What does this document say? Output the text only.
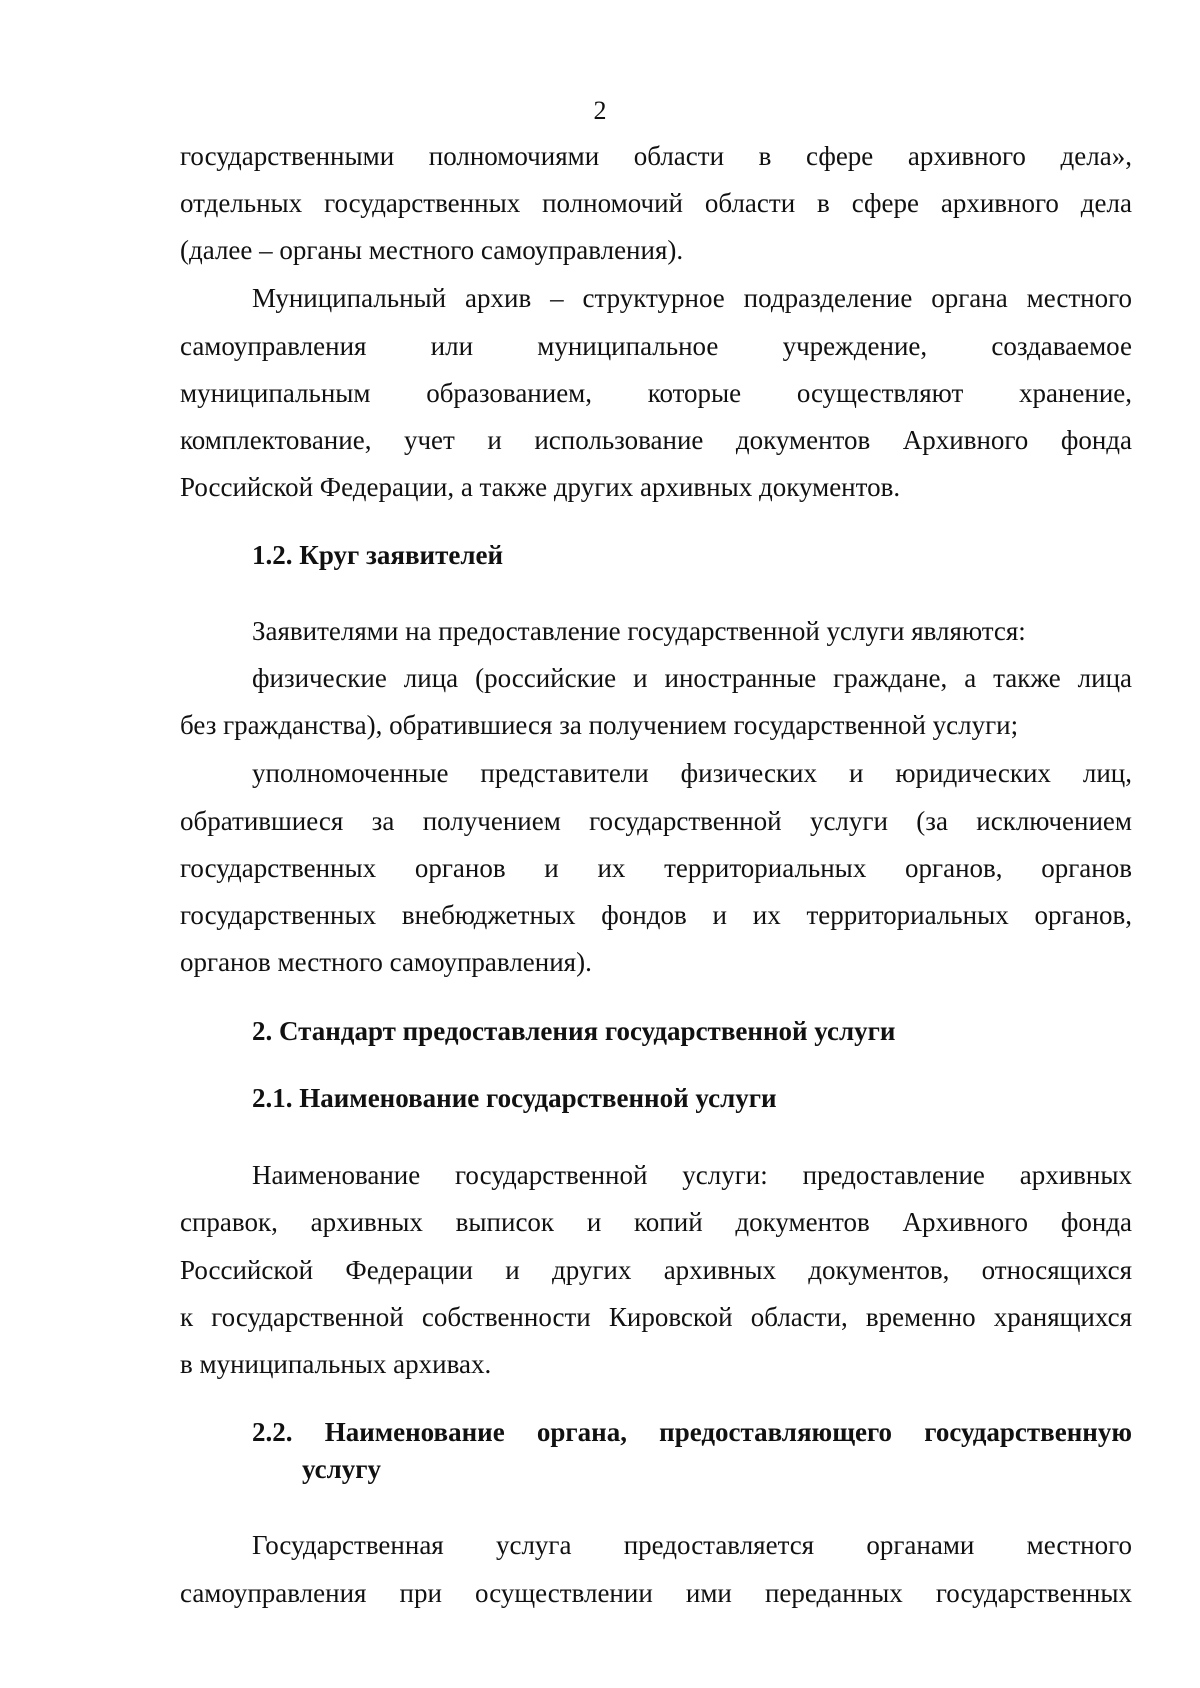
2
государственными полномочиями области в сфере архивного дела»,
отдельных государственных полномочий области в сфере архивного дела
(далее – органы местного самоуправления).
Муниципальный архив – структурное подразделение органа местного
самоуправления или муниципальное учреждение, создаваемое
муниципальным образованием, которые осуществляют хранение,
комплектование, учет и использование документов Архивного фонда
Российской Федерации, а также других архивных документов.
1.2. Круг заявителей
Заявителями на предоставление государственной услуги являются:
физические лица (российские и иностранные граждане, а также лица
без гражданства), обратившиеся за получением государственной услуги;
уполномоченные представители физических и юридических лиц,
обратившиеся за получением государственной услуги (за исключением
государственных органов и их территориальных органов, органов
государственных внебюджетных фондов и их территориальных органов,
органов местного самоуправления).
2. Стандарт предоставления государственной услуги
2.1. Наименование государственной услуги
Наименование государственной услуги: предоставление архивных
справок, архивных выписок и копий документов Архивного фонда
Российской Федерации и других архивных документов, относящихся
к государственной собственности Кировской области, временно хранящихся
в муниципальных архивах.
2.2. Наименование органа, предоставляющего государственную
услугу
Государственная услуга предоставляется органами местного
самоуправления при осуществлении ими переданных государственных
